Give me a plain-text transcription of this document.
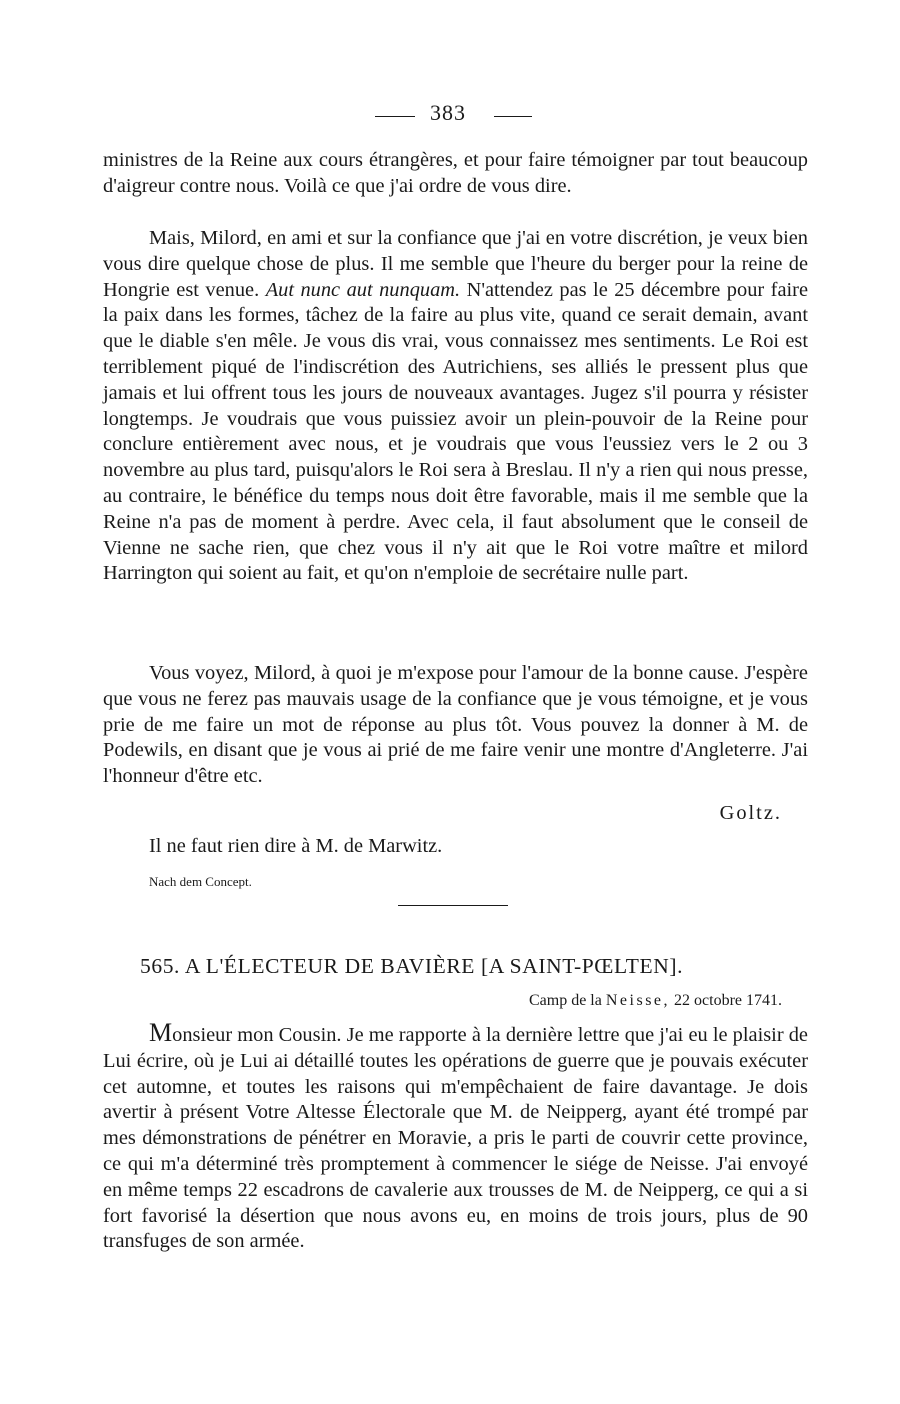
383

ministres de la Reine aux cours étrangères, et pour faire témoigner par tout beaucoup d'aigreur contre nous. Voilà ce que j'ai ordre de vous dire.

Mais, Milord, en ami et sur la confiance que j'ai en votre discrétion, je veux bien vous dire quelque chose de plus. Il me semble que l'heure du berger pour la reine de Hongrie est venue. Aut nunc aut nunquam. N'attendez pas le 25 décembre pour faire la paix dans les formes, tâchez de la faire au plus vite, quand ce serait demain, avant que le diable s'en mêle. Je vous dis vrai, vous connaissez mes sentiments. Le Roi est terriblement piqué de l'indiscrétion des Autrichiens, ses alliés le pressent plus que jamais et lui offrent tous les jours de nouveaux avantages. Jugez s'il pourra y résister longtemps. Je voudrais que vous puissiez avoir un plein-pouvoir de la Reine pour conclure entièrement avec nous, et je voudrais que vous l'eussiez vers le 2 ou 3 novembre au plus tard, puisqu'alors le Roi sera à Breslau. Il n'y a rien qui nous presse, au contraire, le bénéfice du temps nous doit être favorable, mais il me semble que la Reine n'a pas de moment à perdre. Avec cela, il faut absolument que le conseil de Vienne ne sache rien, que chez vous il n'y ait que le Roi votre maître et milord Harrington qui soient au fait, et qu'on n'emploie de secrétaire nulle part.

Vous voyez, Milord, à quoi je m'expose pour l'amour de la bonne cause. J'espère que vous ne ferez pas mauvais usage de la confiance que je vous témoigne, et je vous prie de me faire un mot de réponse au plus tôt. Vous pouvez la donner à M. de Podewils, en disant que je vous ai prié de me faire venir une montre d'Angleterre. J'ai l'honneur d'être etc.

Goltz.
Il ne faut rien dire à M. de Marwitz.
Nach dem Concept.
565. A L'ÉLECTEUR DE BAVIÈRE [A SAINT-PŒLTEN].
Camp de la Neisse, 22 octobre 1741.

Monsieur mon Cousin. Je me rapporte à la dernière lettre que j'ai eu le plaisir de Lui écrire, où je Lui ai détaillé toutes les opérations de guerre que je pouvais exécuter cet automne, et toutes les raisons qui m'empêchaient de faire davantage. Je dois avertir à présent Votre Altesse Électorale que M. de Neipperg, ayant été trompé par mes démonstrations de pénétrer en Moravie, a pris le parti de couvrir cette province, ce qui m'a déterminé très promptement à commencer le siége de Neisse. J'ai envoyé en même temps 22 escadrons de cavalerie aux trousses de M. de Neipperg, ce qui a si fort favorisé la désertion que nous avons eu, en moins de trois jours, plus de 90 transfuges de son armée.
